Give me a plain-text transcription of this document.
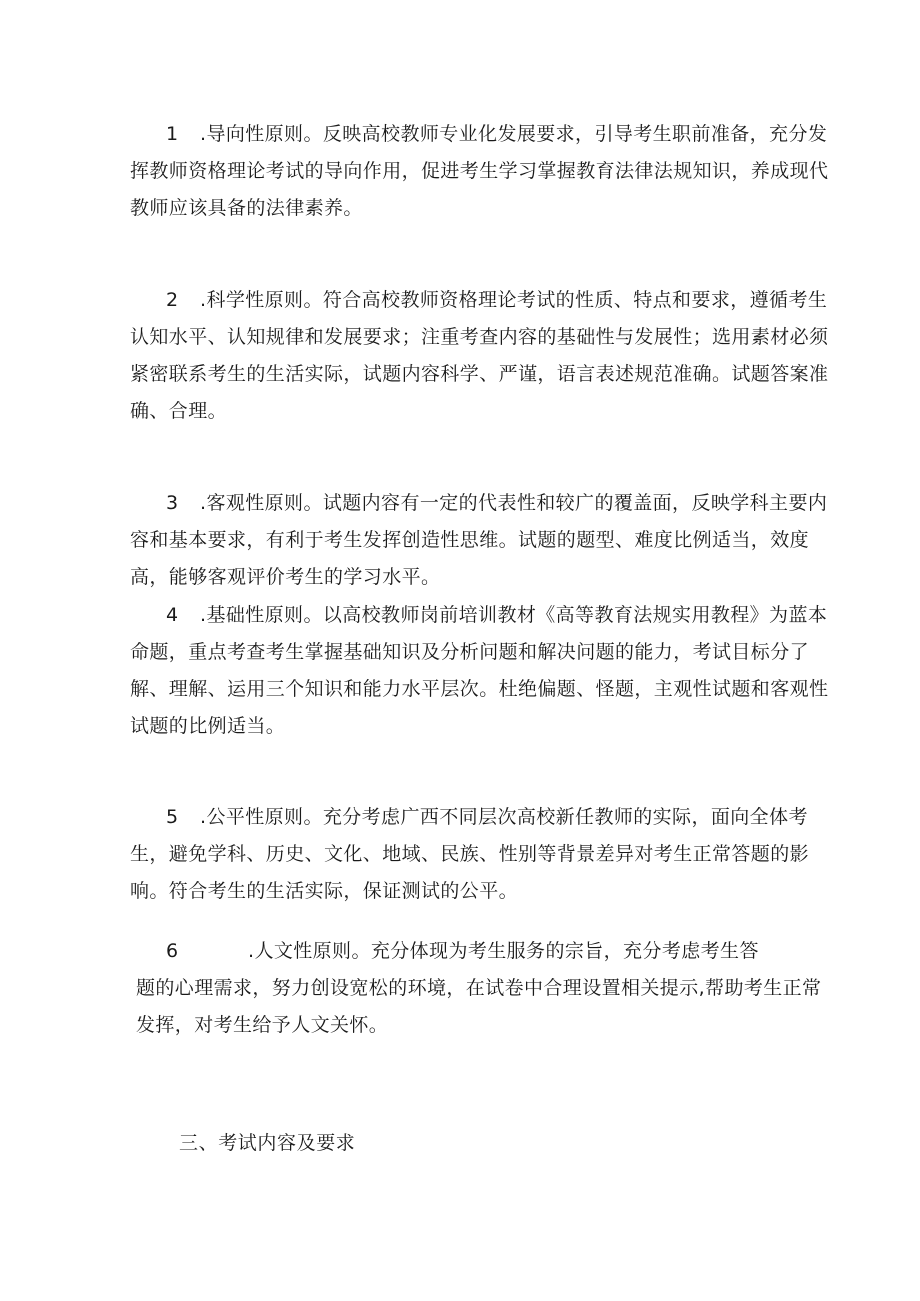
1 .导向性原则。反映高校教师专业化发展要求，引导考生职前准备，充分发挥教师资格理论考试的导向作用，促进考生学习掌握教育法律法规知识，养成现代教师应该具备的法律素养。
2 .科学性原则。符合高校教师资格理论考试的性质、特点和要求，遵循考生认知水平、认知规律和发展要求；注重考查内容的基础性与发展性；选用素材必须紧密联系考生的生活实际，试题内容科学、严谨，语言表述规范准确。试题答案准确、合理。
3 .客观性原则。试题内容有一定的代表性和较广的覆盖面，反映学科主要内容和基本要求，有利于考生发挥创造性思维。试题的题型、难度比例适当，效度高，能够客观评价考生的学习水平。
4 .基础性原则。以高校教师岗前培训教材《高等教育法规实用教程》为蓝本命题，重点考查考生掌握基础知识及分析问题和解决问题的能力，考试目标分了解、理解、运用三个知识和能力水平层次。杜绝偏题、怪题，主观性试题和客观性试题的比例适当。
5 .公平性原则。充分考虑广西不同层次高校新任教师的实际，面向全体考生，避免学科、历史、文化、地域、民族、性别等背景差异对考生正常答题的影响。符合考生的生活实际，保证测试的公平。
6	.人文性原则。充分体现为考生服务的宗旨，充分考虑考生答
题的心理需求，努力创设宽松的环境，在试卷中合理设置相关提示,帮助考生正常发挥，对考生给予人文关怀。
三、考试内容及要求
